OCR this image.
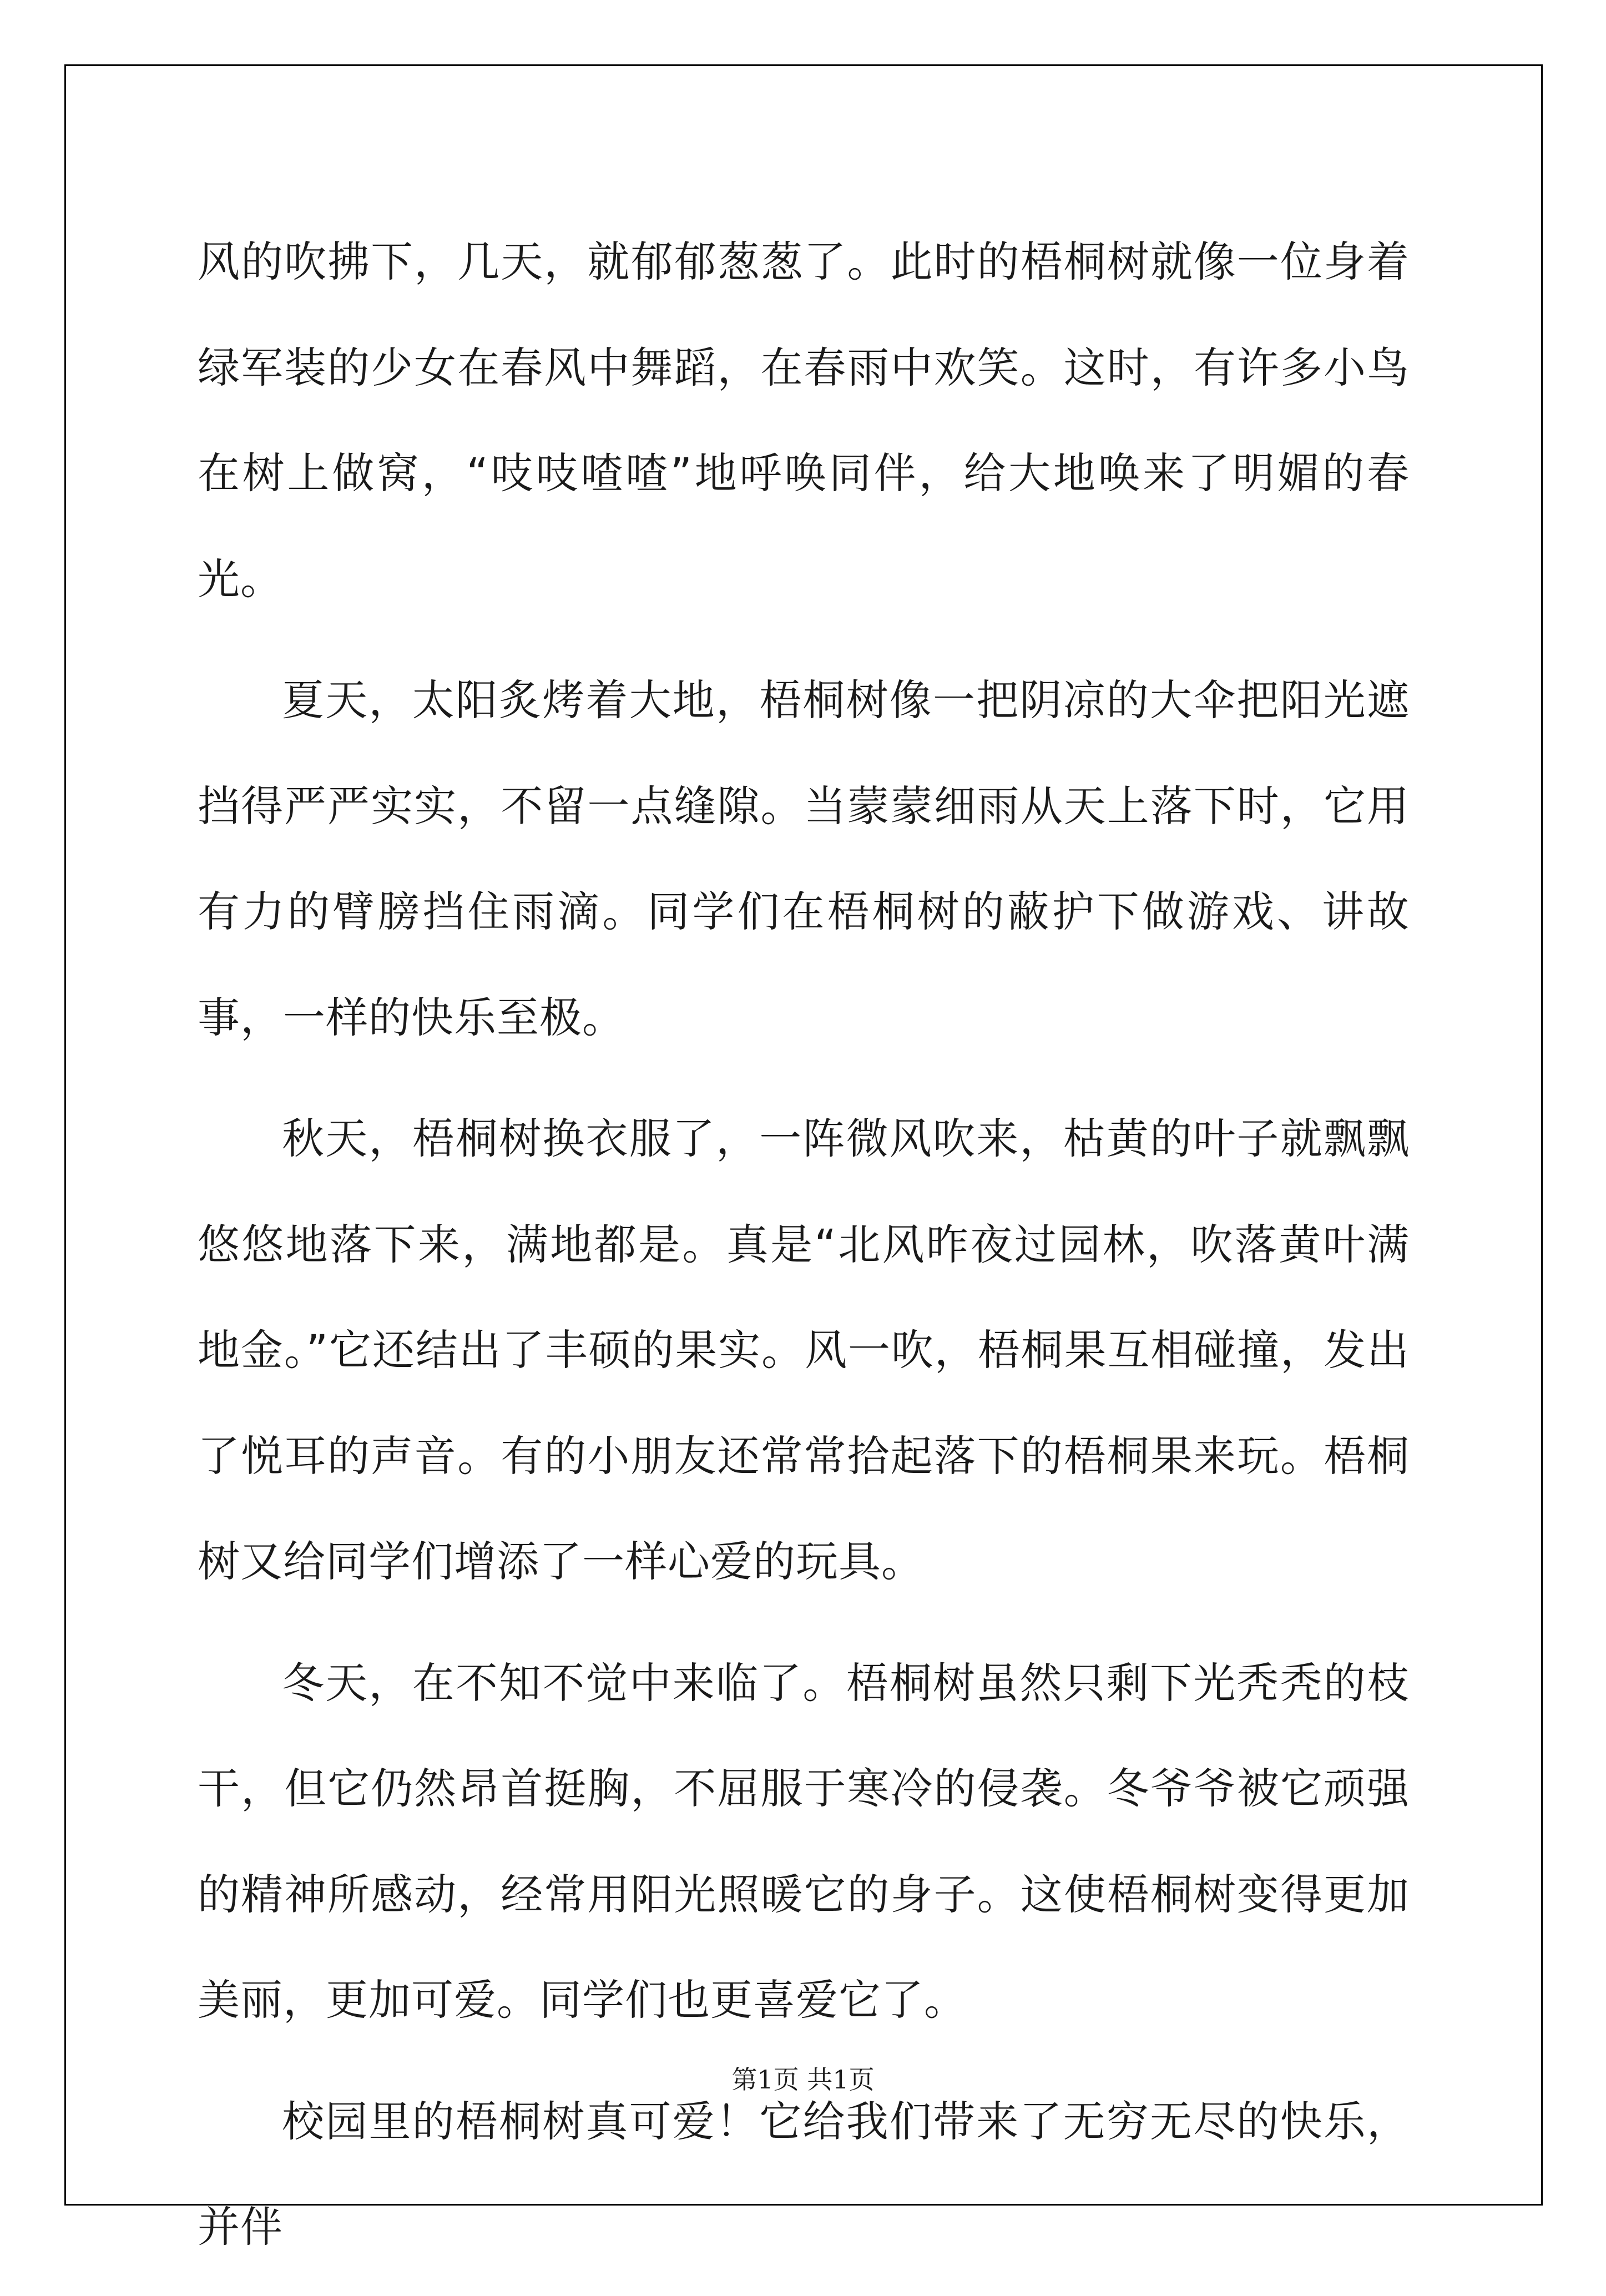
风的吹拂下，几天，就郁郁葱葱了。此时的梧桐树就像一位身着绿军装的少女在春风中舞蹈，在春雨中欢笑。这时，有许多小鸟在树上做窝，“吱吱喳喳”地呼唤同伴，给大地唤来了明媚的春光。

夏天，太阳炙烤着大地，梧桐树像一把阴凉的大伞把阳光遮挡得严严实实，不留一点缝隙。当蒙蒙细雨从天上落下时，它用有力的臂膀挡住雨滴。同学们在梧桐树的蔽护下做游戏、讲故事，一样的快乐至极。

秋天，梧桐树换衣服了，一阵微风吹来，枯黄的叶子就飘飘悠悠地落下来，满地都是。真是“北风昨夜过园林，吹落黄叶满地金。”它还结出了丰硕的果实。风一吹，梧桐果互相碰撞，发出了悦耳的声音。有的小朋友还常常拾起落下的梧桐果来玩。梧桐树又给同学们增添了一样心爱的玩具。

冬天，在不知不觉中来临了。梧桐树虽然只剩下光秃秃的枝干，但它仍然昂首挺胸，不屈服于寒冷的侵袭。冬爷爷被它顽强的精神所感动，经常用阳光照暖它的身子。这使梧桐树变得更加美丽，更加可爱。同学们也更喜爱它了。

校园里的梧桐树真可爱！它给我们带来了无穷无尽的快乐，并伴

第1页 共1页
